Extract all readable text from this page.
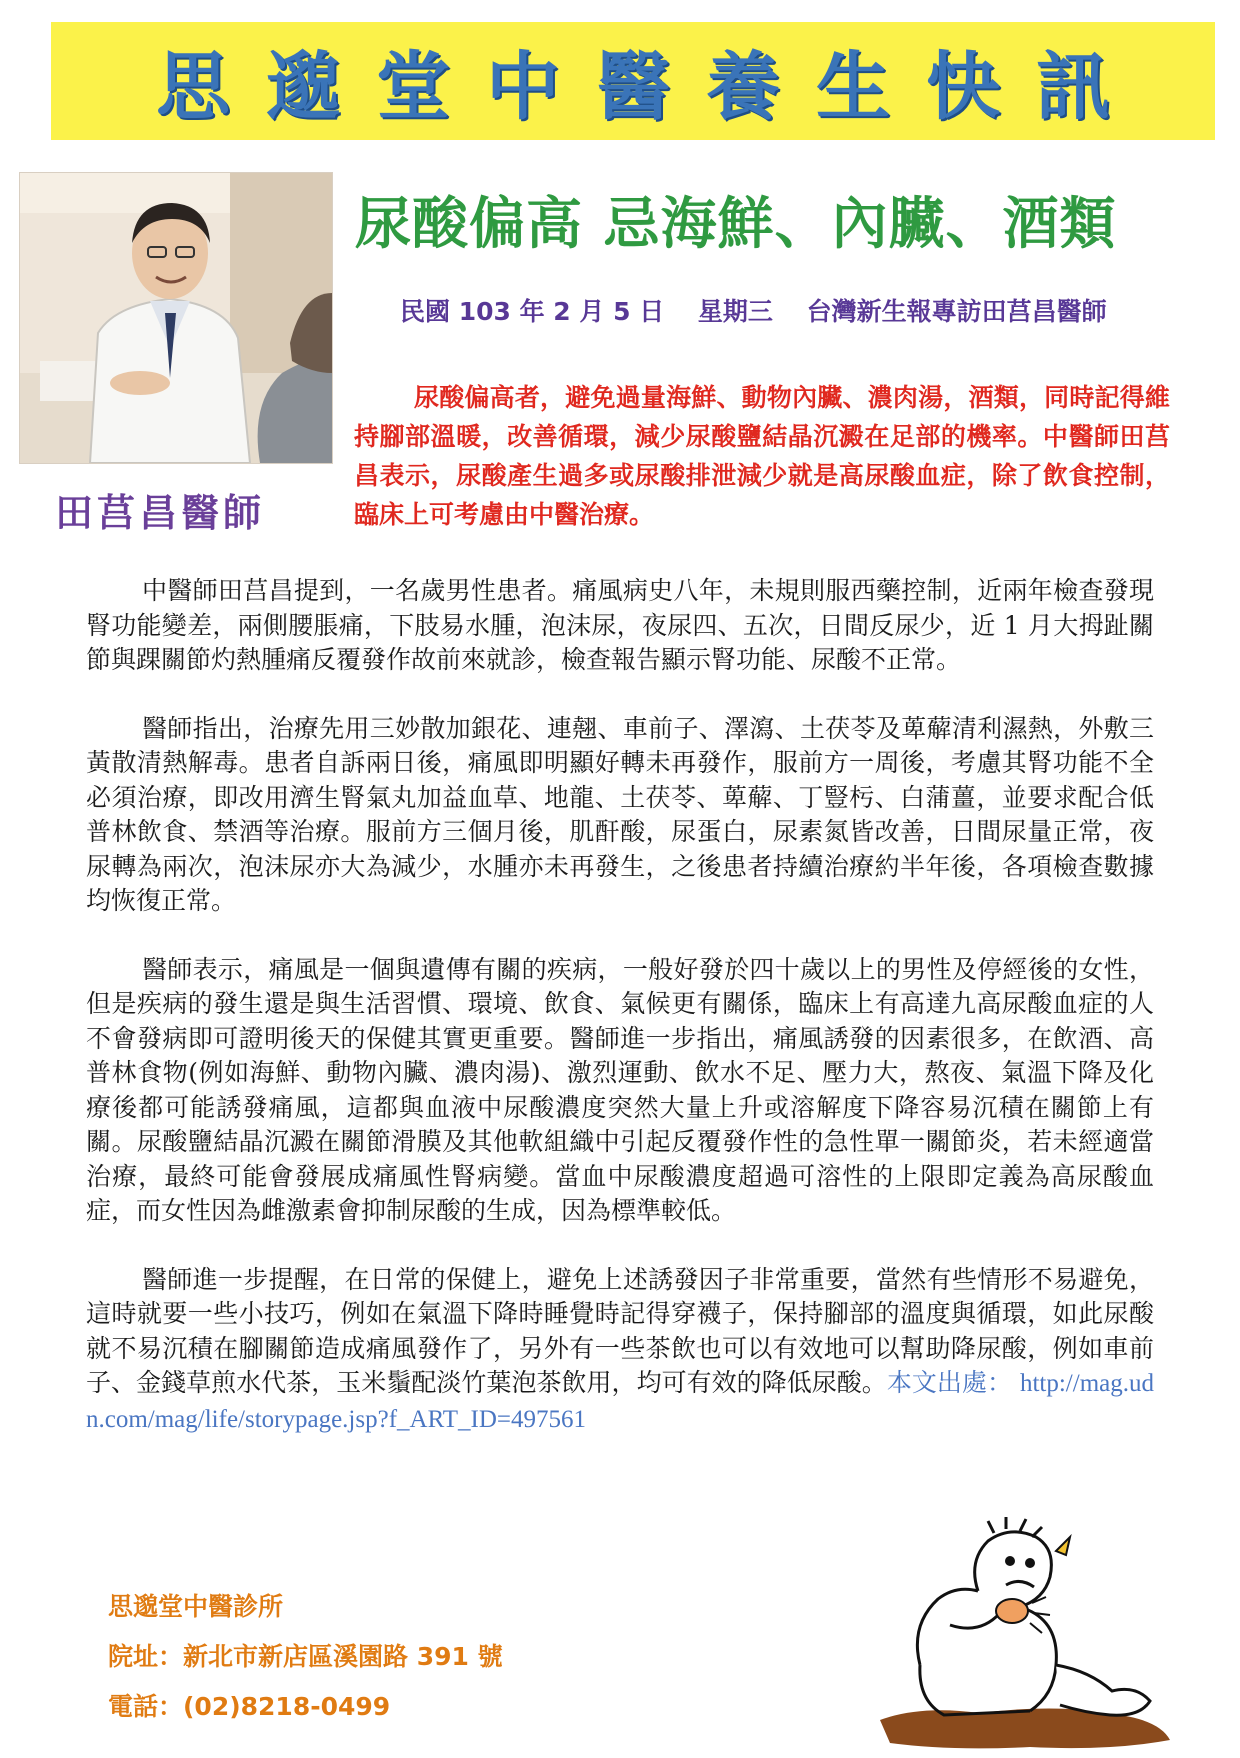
思邈堂中醫養生快訊
田莒昌醫師
尿酸偏高 忌海鮮、內臟、酒類
民國 103 年 2 月 5 日　 星期三　 台灣新生報專訪田莒昌醫師
尿酸偏高者，避免過量海鮮、動物內臟、濃肉湯，酒類，同時記得維持腳部溫暖，改善循環，減少尿酸鹽結晶沉澱在足部的機率。中醫師田莒昌表示，尿酸產生過多或尿酸排泄減少就是高尿酸血症，除了飲食控制，臨床上可考慮由中醫治療。

中醫師田莒昌提到，一名歲男性患者。痛風病史八年，未規則服西藥控制，近兩年檢查發現腎功能變差，兩側腰脹痛，下肢易水腫，泡沫尿，夜尿四、五次，日間反尿少，近 1 月大拇趾關節與踝關節灼熱腫痛反覆發作故前來就診，檢查報告顯示腎功能、尿酸不正常。

醫師指出，治療先用三妙散加銀花、連翹、車前子、澤瀉、土茯苓及萆薢清利濕熱，外敷三黃散清熱解毒。患者自訴兩日後，痛風即明顯好轉未再發作，服前方一周後，考慮其腎功能不全必須治療，即改用濟生腎氣丸加益血草、地龍、土茯苓、萆薢、丁豎杇、白蒲薑，並要求配合低普林飲食、禁酒等治療。服前方三個月後，肌酐酸，尿蛋白，尿素氮皆改善，日間尿量正常，夜尿轉為兩次，泡沫尿亦大為減少，水腫亦未再發生，之後患者持續治療約半年後，各項檢查數據均恢復正常。

醫師表示，痛風是一個與遺傳有關的疾病，一般好發於四十歲以上的男性及停經後的女性，但是疾病的發生還是與生活習慣、環境、飲食、氣候更有關係，臨床上有高達九高尿酸血症的人不會發病即可證明後天的保健其實更重要。醫師進一步指出，痛風誘發的因素很多，在飲酒、高普林食物(例如海鮮、動物內臟、濃肉湯)、激烈運動、飲水不足、壓力大，熬夜、氣溫下降及化療後都可能誘發痛風，這都與血液中尿酸濃度突然大量上升或溶解度下降容易沉積在關節上有關。尿酸鹽結晶沉澱在關節滑膜及其他軟組織中引起反覆發作性的急性單一關節炎，若未經適當治療，最終可能會發展成痛風性腎病變。當血中尿酸濃度超過可溶性的上限即定義為高尿酸血症，而女性因為雌激素會抑制尿酸的生成，因為標準較低。

醫師進一步提醒，在日常的保健上，避免上述誘發因子非常重要，當然有些情形不易避免，這時就要一些小技巧，例如在氣溫下降時睡覺時記得穿襪子，保持腳部的溫度與循環，如此尿酸就不易沉積在腳關節造成痛風發作了，另外有一些茶飲也可以有效地可以幫助降尿酸，例如車前子、金錢草煎水代茶，玉米鬚配淡竹葉泡茶飲用，均可有效的降低尿酸。本文出處： http://mag.udn.com/mag/life/storypage.jsp?f_ART_ID=497561

思邈堂中醫診所
院址：新北市新店區溪園路 391 號
電話：(02)8218-0499
